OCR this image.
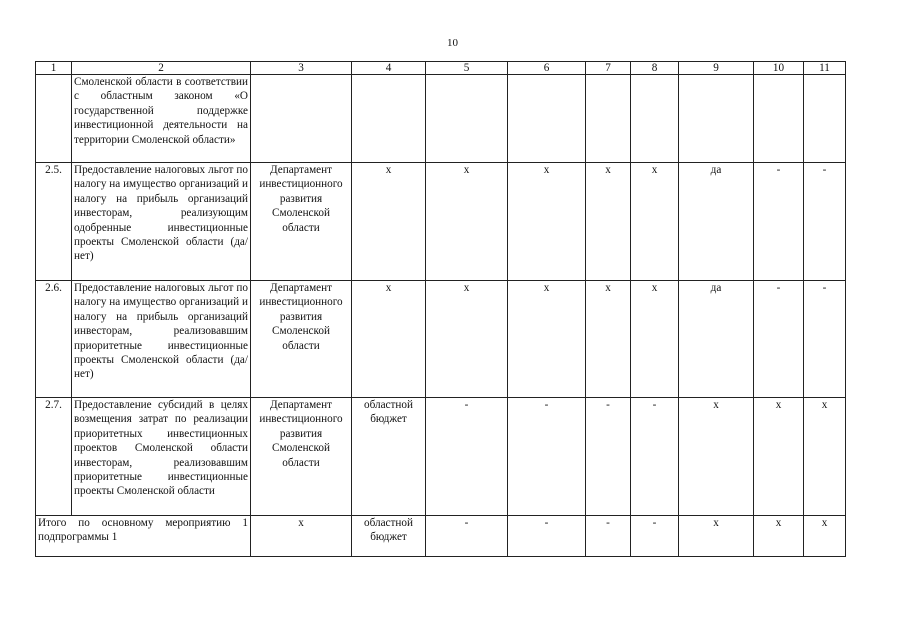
10
1	2	3	4	5	6	7	8	9	10	11
	Смоленской области в соответствии с областным законом «О государственной поддержке инвестиционной деятельности на территории Смоленской области»									
2.5.	Предоставление налоговых льгот по налогу на имущество организаций и налогу на прибыль организаций инвесторам, реализующим одобренные инвестиционные проекты Смоленской области (да/нет)	Департамент инвестиционного развития Смоленской области	x	x	x	x	x	да	-	-
2.6.	Предоставление налоговых льгот по налогу на имущество организаций и налогу на прибыль организаций инвесторам, реализовавшим приоритетные инвестиционные проекты Смоленской области (да/нет)	Департамент инвестиционного развития Смоленской области	x	x	x	x	x	да	-	-
2.7.	Предоставление субсидий в целях возмещения затрат по реализации приоритетных инвестиционных проектов Смоленской области инвесторам, реализовавшим приоритетные инвестиционные проекты Смоленской области	Департамент инвестиционного развития Смоленской области	областной бюджет	-	-	-	-	x	x	x
Итого по основному мероприятию 1 подпрограммы 1		x	областной бюджет	-	-	-	-	x	x	x
